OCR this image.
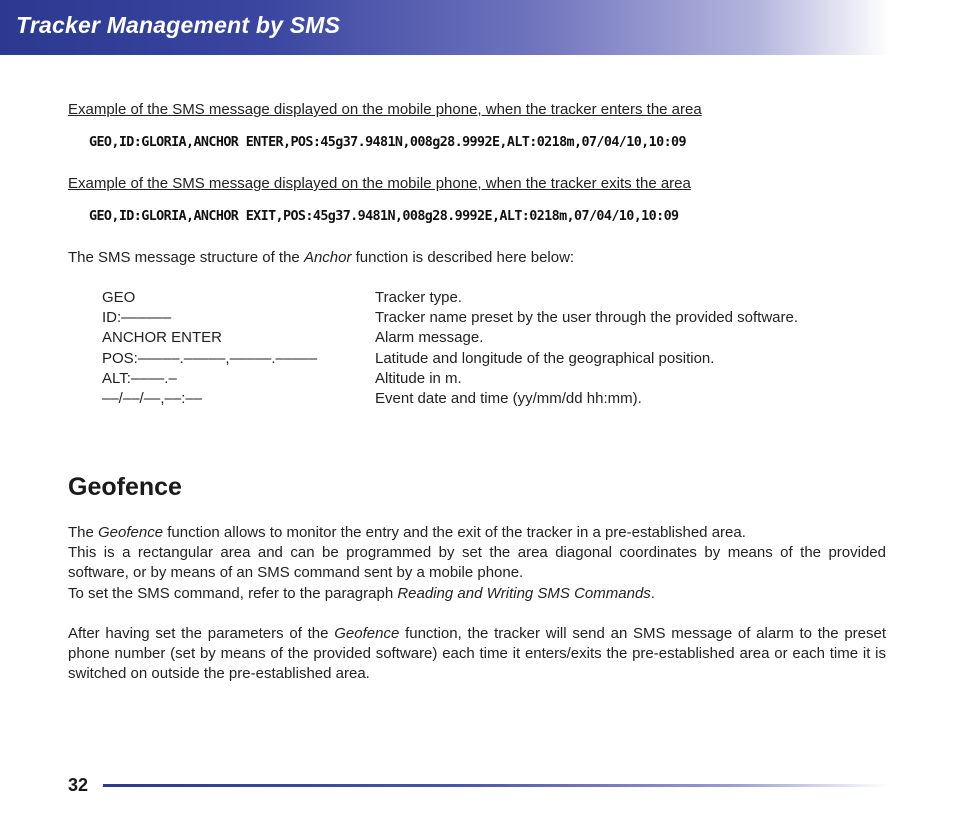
Tracker Management by SMS
Example of the SMS message displayed on the mobile phone, when the tracker enters the area
GEO,ID:GLORIA,ANCHOR ENTER,POS:45g37.9481N,008g28.9992E,ALT:0218m,07/04/10,10:09
Example of the SMS message displayed on the mobile phone, when the tracker exits the area
GEO,ID:GLORIA,ANCHOR EXIT,POS:45g37.9481N,008g28.9992E,ALT:0218m,07/04/10,10:09
The SMS message structure of the Anchor function is described here below:
GEO	Tracker type.
ID:––––––	Tracker name preset by the user through the provided software.
ANCHOR ENTER	Alarm message.
POS:–––––.–––––,–––––.–––––	Latitude and longitude of the geographical position.
ALT:––––.–	Altitude in m.
––/––/––,––:––	Event date and time (yy/mm/dd hh:mm).
Geofence
The Geofence function allows to monitor the entry and the exit of the tracker in a pre-established area.
This is a rectangular area and can be programmed by set the area diagonal coordinates by means of the provided software, or by means of an SMS command sent by a mobile phone.
To set the SMS command, refer to the paragraph Reading and Writing SMS Commands.
After having set the parameters of the Geofence function, the tracker will send an SMS message of alarm to the preset phone number (set by means of the provided software) each time it enters/exits the pre-established area or each time it is switched on outside the pre-established area.
32
